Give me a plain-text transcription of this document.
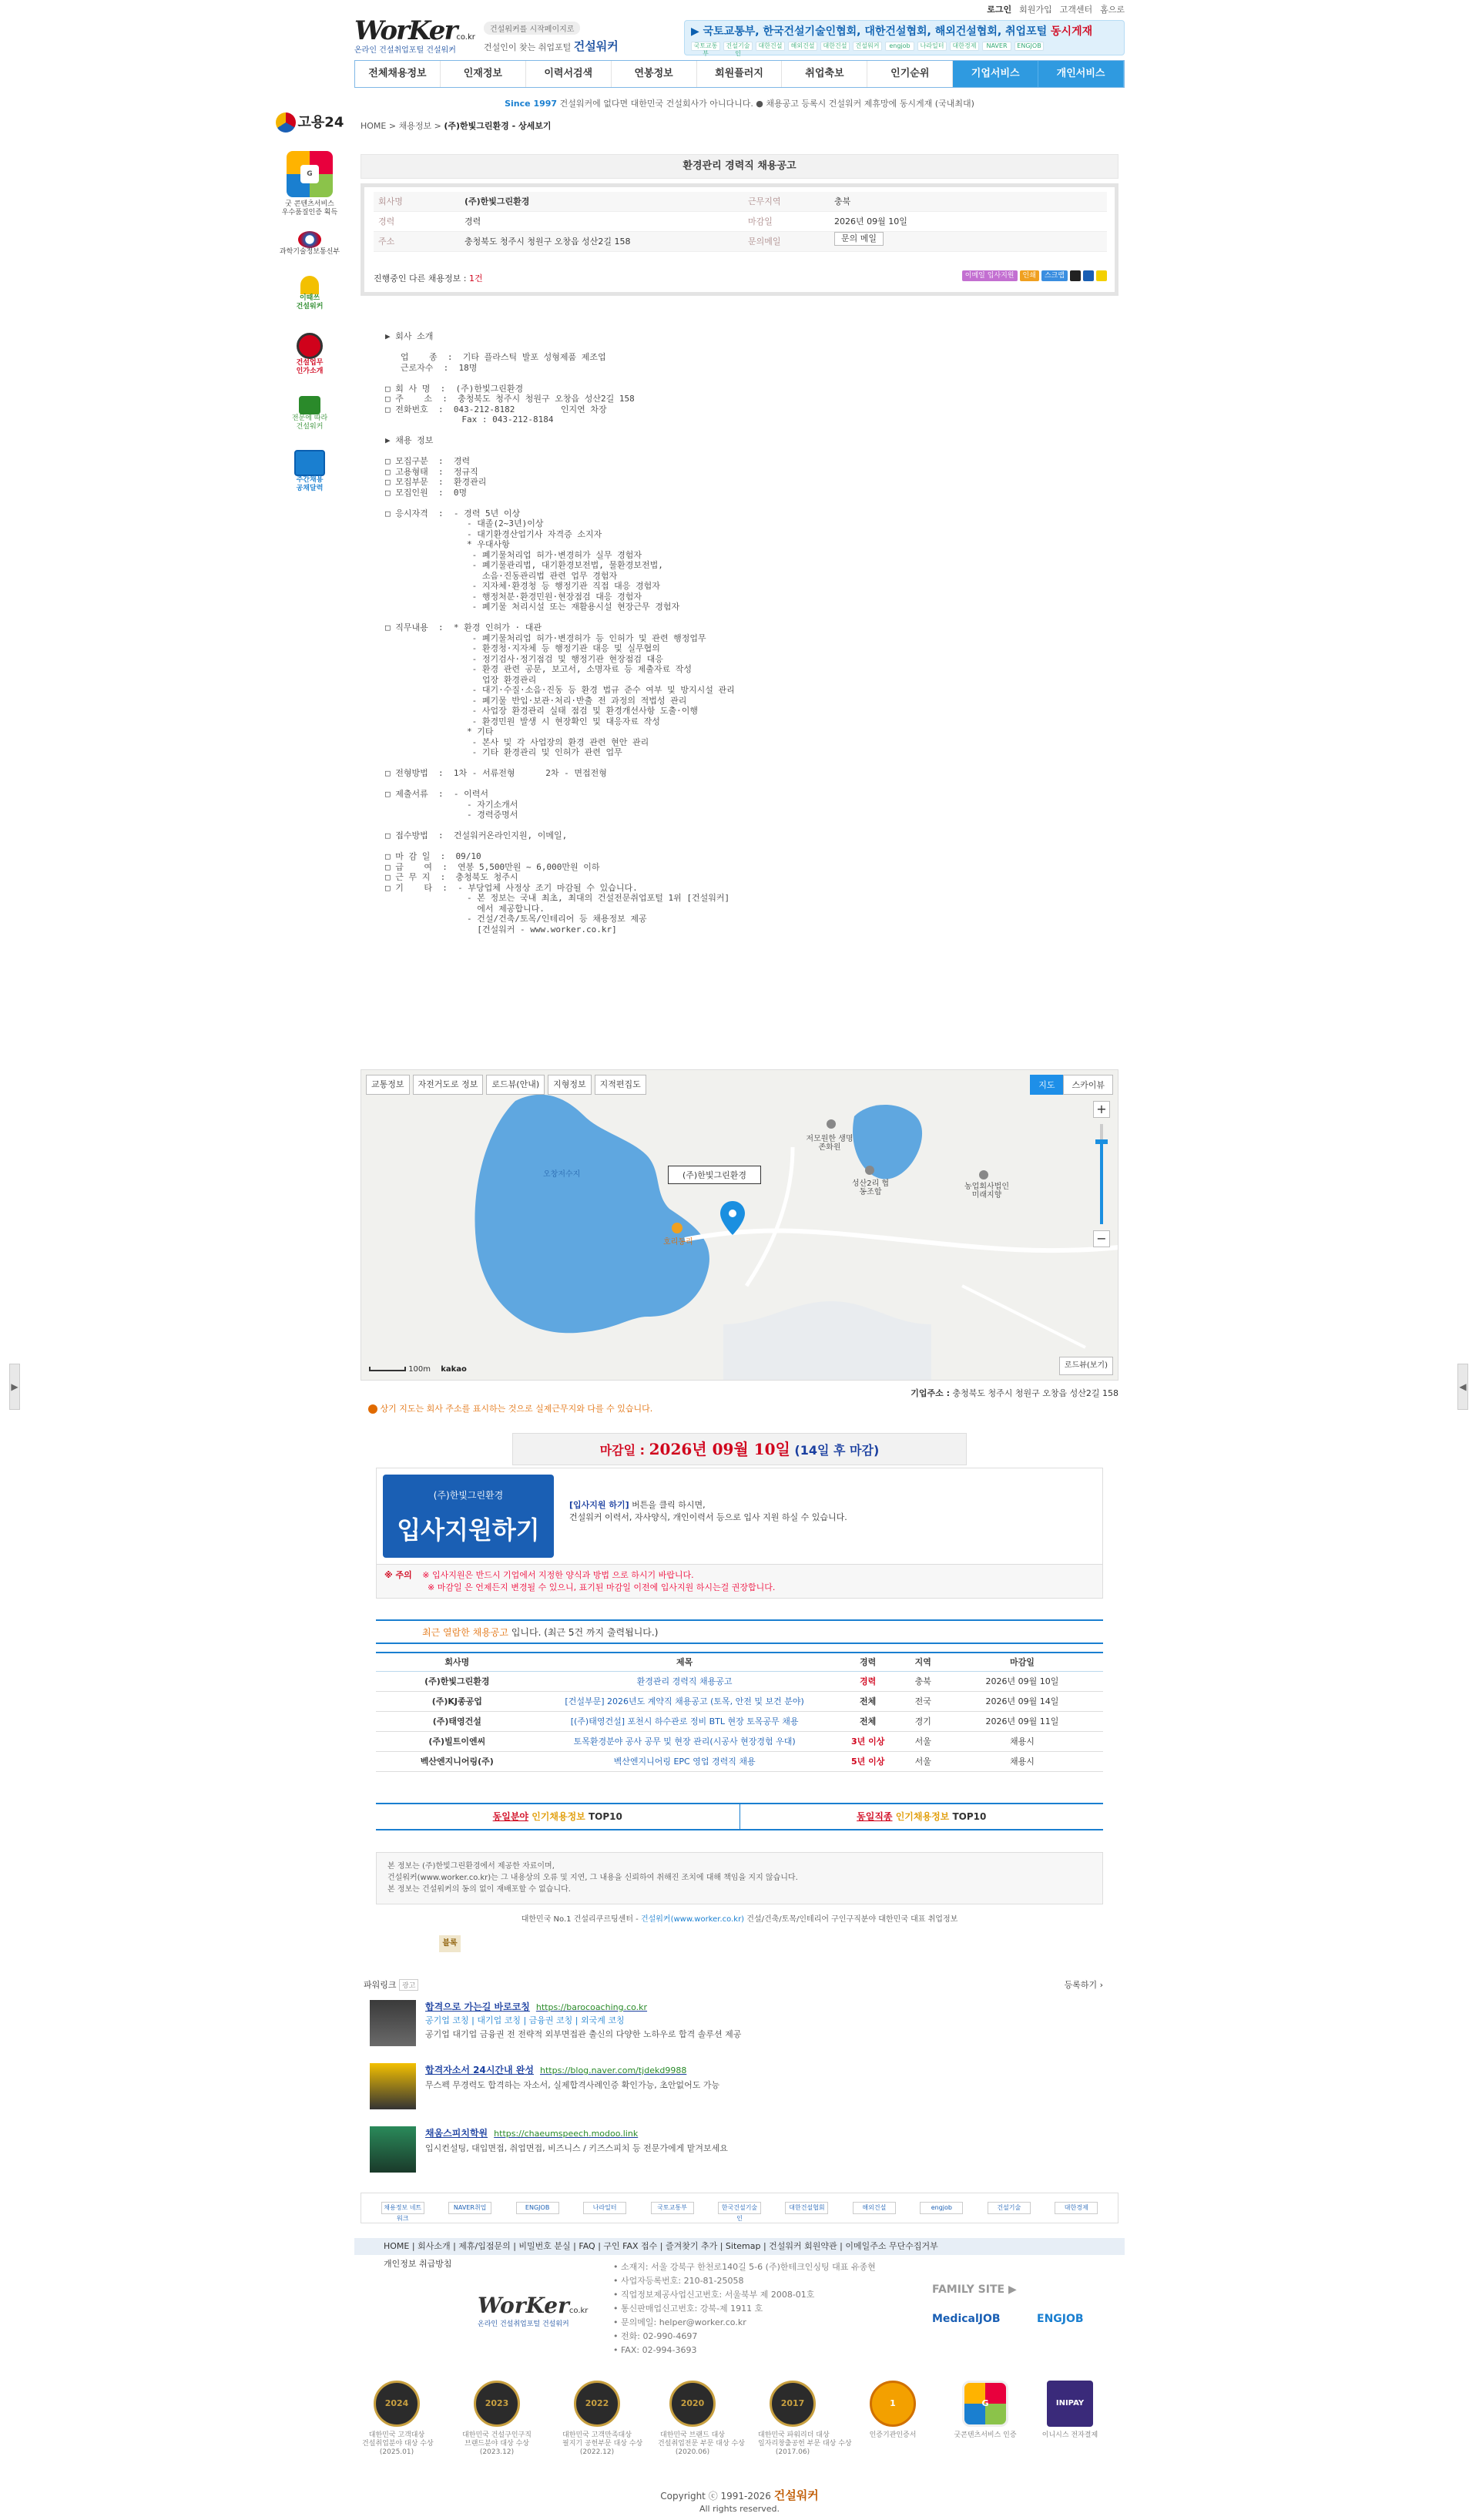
고용24
G
굿 콘텐츠서비스
우수품질인증 획득
과학기술정보통신부
이때쓰
건설워커
건설업무
인가소개
전문에 따라
건설워커
주간채용
공채달력
▶	◀
로그인 회원가입 고객센터 홈으로
WorKerco.kr
온라인 건설취업포털 건설워커
건설워커를 시작페이지로
건설인이 찾는 취업포털 건설워커
▶ 국토교통부, 한국건설기술인협회, 대한건설협회, 해외건설협회, 취업포털 동시게재
국토교통부
건설기술인
대한건설	해외건설	대한건설	건설워커	engjob	나라일터	대한경제	NAVER	ENGJOB
전체채용정보	인재정보	이력서검색	연봉정보	회원플러지	취업축보	인기순위	기업서비스	개인서비스
Since 1997 건설워커에 없다면 대한민국 건설회사가 아니다니다. ● 채용공고 등록시 건설워커 제휴망에 동시게재 (국내최대)
HOME > 채용정보 > (주)한빛그린환경 - 상세보기
환경관리 경력직 채용공고
회사명	(주)한빛그린환경	근무지역	충북
경력	경력	마감일	2026년 09월 10일
주소	충청북도 청주시 청원구 오창읍 성산2길 158	문의메일	문의 메일
진행중인 다른 채용정보 : 1건	이메일 입사지원	인쇄	스크랩
▶ 회사 소개

업    종  :  기타 플라스틱 발포 성형제품 제조업
근로자수  :  18명

□ 회 사 명  :  (주)한빛그린환경
□ 주    소  :  충청북도 청주시 청원구 오창읍 성산2길 158
□ 전화번호  :  043-212-8182         인지연 차장
Fax : 043-212-8184

▶ 채용 정보

□ 모집구분  :  경력
□ 고용형태  :  정규직
□ 모집부문  :  환경관리
□ 모집인원  :  0명

□ 응시자격  :  - 경력 5년 이상
- 대졸(2~3년)이상
- 대기환경산업기사 자격증 소지자
* 우대사항
- 폐기물처리업 허가·변경허가 실무 경험자
- 폐기물관리법, 대기환경보전법, 물환경보전법,
소음·진동관리법 관련 업무 경험자
- 지자체·환경청 등 행정기관 직접 대응 경험자
- 행정처분·환경민원·현장점검 대응 경험자
- 폐기물 처리시설 또는 재활용시설 현장근무 경험자

□ 직무내용  :  * 환경 인허가 · 대관
- 폐기물처리업 허가·변경허가 등 인허가 및 관련 행정업무
- 환경청·지자체 등 행정기관 대응 및 실무협의
- 정기검사·정기점검 및 행정기관 현장점검 대응
- 환경 관련 공문, 보고서, 소명자료 등 제출자료 작성
업장 환경관리
- 대기·수질·소음·진동 등 환경 법규 준수 여부 및 방지시설 관리
- 폐기물 반입·보관·처리·반출 전 과정의 적법성 관리
- 사업장 환경관리 실태 점검 및 환경개선사항 도출·이행
- 환경민원 발생 시 현장확인 및 대응자료 작성
* 기타
- 본사 및 각 사업장의 환경 관련 현안 관리
- 기타 환경관리 및 인허가 관련 업무

□ 전형방법  :  1차 - 서류전형      2차 - 면접전형

□ 제출서류  :  - 이력서
- 자기소개서
- 경력증명서

□ 접수방법  :  건설워커온라인지원, 이메일,

□ 마 감 일  :  09/10
□ 급    여  :  연봉 5,500만원 ~ 6,000만원 이하
□ 근 무 지  :  충청북도 청주시
□ 기    타  :  - 부당업체 사정상 조기 마감될 수 있습니다.
- 본 정보는 국내 최초, 최대의 건설전문취업포털 1위 [건설워커]
에서 제공합니다.
- 건설/건축/토목/인테리어 등 채용정보 제공
[건설워커 - www.worker.co.kr]
교통정보	자전거도로 정보	로드뷰(안내)	지형정보	지적편집도	지도	스카이뷰
+
−
(주)한빛그린환경
저모원한 생명존화원
성산2리 협동조합
농업회사법인 미래지향
호리동리
오창저수지
로드뷰(보기)
100m kakao
기업주소 : 충청북도 청주시 청원구 오창읍 성산2길 158
상기 지도는 회사 주소를 표시하는 것으로 실제근무지와 다를 수 있습니다.
마감일 : 2026년 09월 10일 (14일 후 마감)
(주)한빛그린환경
입사지원하기
[입사지원 하기] 버튼을 클릭 하시면,
건설워커 이력서, 자사양식, 개인이력서 등으로 입사 지원 하실 수 있습니다.
※ 주의 ※ 입사지원은 반드시 기업에서 지정한 양식과 방법 으로 하시기 바랍니다.
※ 마감일 은 언제든지 변경될 수 있으니, 표기된 마감일 이전에 입사지원 하시는걸 권장합니다.
최근 열람한 채용공고 입니다. (최근 5건 까지 출력됩니다.)
회사명	제목	경력	지역	마감일
(주)한빛그린환경	환경관리 경력직 채용공고	경력	충북	2026년 09월 10일
(주)KJ종공업	[건설부문] 2026년도 계약직 채용공고 (토목, 안전 및 보건 분야)	전체	전국	2026년 09월 14일
(주)태영건설	[(주)태영건설] 포천시 하수관로 정비 BTL 현장 토목공무 채용	전체	경기	2026년 09월 11일
(주)빌트이엔씨	토목환경분야 공사 공무 및 현장 관리(시공사 현장경험 우대)	3년 이상	서울	채용시
벡산엔지니어링(주)	벡산엔지니어링 EPC 영업 경력직 채용	5년 이상	서울	채용시
동일분야 인기채용정보 TOP10	동일직종 인기채용정보 TOP10
본 정보는 (주)한빛그린환경에서 제공한 자료이며,
건설워커(www.worker.co.kr)는 그 내용상의 오류 및 지연, 그 내용을 신뢰하여 취해진 조치에 대해 책임을 지지 않습니다.
본 정보는 건설워커의 동의 없이 재배포할 수 없습니다.
대한민국 No.1 건설리쿠르팅센터 - 건설워커(www.worker.co.kr) 건설/건축/토목/인테리어 구인구직분야 대한민국 대표 취업정보
블록
파워링크 광고	등록하기 ›
합격으로 가는길 바로코칭 https://barocoaching.co.kr
공기업 코칭 | 대기업 코칭 | 금융권 코칭 | 외국계 코칭
공기업 대기업 금융권 전 전략적 외부면접관 출신의 다양한 노하우로 합격 솔루션 제공
합격자소서 24시간내 완성 https://blog.naver.com/tjdekd9988
무스펙 무경력도 합격하는 자소서, 실제합격사례인증 확인가능, 초안없어도 가능
채움스피치학원 https://chaeumspeech.modoo.link
입시컨설팅, 대입면접, 취업면접, 비즈니스 / 키즈스피치 등 전문가에게 맡겨보세요
채용정보 네트워크
NAVER취업	ENGJOB	나라일터	국토교통부	한국건설기술인
대한건설협회	해외건설	engjob	건설기술	대한경제
HOME | 회사소개 | 제휴/입점문의 | 비밀번호 분실 | FAQ | 구인 FAX 접수 | 즐겨찾기 추가 | Sitemap | 건설워커 회원약관 | 이메일주소 무단수집거부
개인정보 취급방침
WorKerco.kr
온라인 건설취업포털 건설워커
• 소재지: 서울 강북구 한천로140길 5-6 (주)한테크인싱팅 대표 유종현
• 사업자등록번호: 210-81-25058
• 직업정보제공사업신고번호: 서울북부 제 2008-01호
• 통신판매업신고번호: 강북-제 1911 호
• 문의메일: helper@worker.co.kr
• 전화: 02-990-4697
• FAX: 02-994-3693
FAMILY SITE ▶
MedicalJOB	ENGJOB
2024
대한민국 고객대상
건설취업분야 대상 수상
(2025.01)
2023
대한민국 건설구인구직
브랜드분야 대상 수상
(2023.12)
2022
대한민국 고객만족대상
필지기 공헌부문 대상 수상
(2022.12)
2020
대한민국 브랜드 대상
건설취업전문 부문 대상 수상
(2020.06)
2017
대한민국 파워리더 대상
일자리창출공헌 부문 대상 수상
(2017.06)
1
인증기관인증서
G
굿콘텐츠서비스 인증
INIPAY
이니시스 전자결제
Copyright ⓒ 1991-2026 건설워커
All rights reserved.
